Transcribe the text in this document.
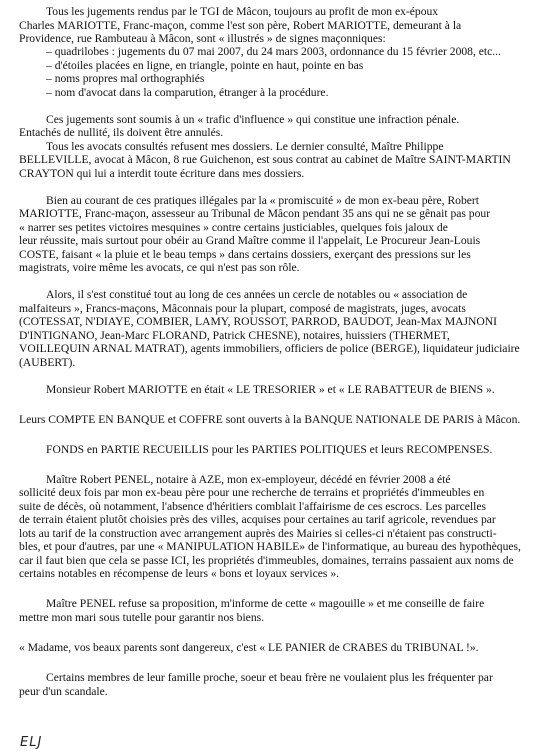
Tous les jugements rendus par le TGI de Mâcon, toujours au profit de mon ex-époux
Charles MARIOTTE, Franc-maçon, comme l'est son père, Robert MARIOTTE, demeurant à la
Providence, rue Rambuteau à Mâcon, sont « illustrés » de signes maçonniques:
– quadrilobes : jugements du 07 mai 2007, du 24 mars 2003, ordonnance du 15 février 2008, etc...
– d'étoiles placées en ligne, en triangle, pointe en haut, pointe en bas
– noms propres mal orthographiés
– nom d'avocat dans la comparution, étranger à la procédure.
Ces jugements sont soumis à un « trafic d'influence » qui constitue une infraction pénale.
Entachés de nullité, ils doivent être annulés.
Tous les avocats consultés refusent mes dossiers. Le dernier consulté, Maître Philippe
BELLEVILLE, avocat à Mâcon, 8 rue Guichenon, est sous contrat au cabinet de Maître SAINT-MARTIN
CRAYTON qui lui a interdit toute écriture dans mes dossiers.
Bien au courant de ces pratiques illégales par la « promiscuité » de mon ex-beau père, Robert
MARIOTTE, Franc-maçon, assesseur au Tribunal de Mâcon pendant 35 ans qui ne se gênait pas pour
« narrer ses petites victoires mesquines » contre certains justiciables, quelques fois jaloux de
leur réussite, mais surtout pour obéir au Grand Maître comme il l'appelait, Le Procureur Jean-Louis
COSTE, faisant « la pluie et le beau temps » dans certains dossiers, exerçant des pressions sur les
magistrats, voire même les avocats, ce qui n'est pas son rôle.
Alors, il s'est constitué tout au long de ces années un cercle de notables ou « association de
malfaiteurs », Francs-maçons, Mâconnais pour la plupart, composé de magistrats, juges, avocats
(COTESSAT, N'DIAYE, COMBIER, LAMY, ROUSSOT, PARROD, BAUDOT, Jean-Max MAJNONI
D'INTIGNANO, Jean-Marc FLORAND, Patrick CHESNE), notaires, huissiers (THERMET,
VOILLEQUIN ARNAL MATRAT), agents immobiliers, officiers de police (BERGE), liquidateur judiciaire
(AUBERT).
Monsieur Robert MARIOTTE en était « LE TRESORIER » et « LE RABATTEUR de BIENS ».
Leurs COMPTE EN BANQUE et COFFRE sont ouverts à la BANQUE NATIONALE DE PARIS à Mâcon.
FONDS en PARTIE RECUEILLIS pour les PARTIES POLITIQUES et leurs RECOMPENSES.
Maître Robert PENEL, notaire à AZE, mon ex-employeur, décédé en février 2008 a été
sollicité deux fois par mon ex-beau père pour une recherche de terrains et propriétés d'immeubles en
suite de décès, où notamment, l'absence d'héritiers comblait l'affairisme de ces escrocs. Les parcelles
de terrain étaient plutôt choisies près des villes, acquises pour certaines au tarif agricole, revendues par
lots au tarif de la construction avec arrangement auprès des Mairies si celles-ci n'étaient pas constructi-
bles, et pour d'autres, par une « MANIPULATION HABILE» de l'informatique, au bureau des hypothèques,
car il faut bien que cela se passe ICI, les propriétés d'immeubles, domaines, terrains passaient aux noms de
certains notables en récompense de leurs « bons et loyaux services ».
Maître PENEL refuse sa proposition, m'informe de cette « magouille » et me conseille de faire
mettre mon mari sous tutelle pour garantir nos biens.
« Madame, vos beaux parents sont dangereux, c'est « LE PANIER de CRABES du TRIBUNAL !».
Certains membres de leur famille proche, soeur et beau frère ne voulaient plus les fréquenter par
peur d'un scandale.
ELJ
